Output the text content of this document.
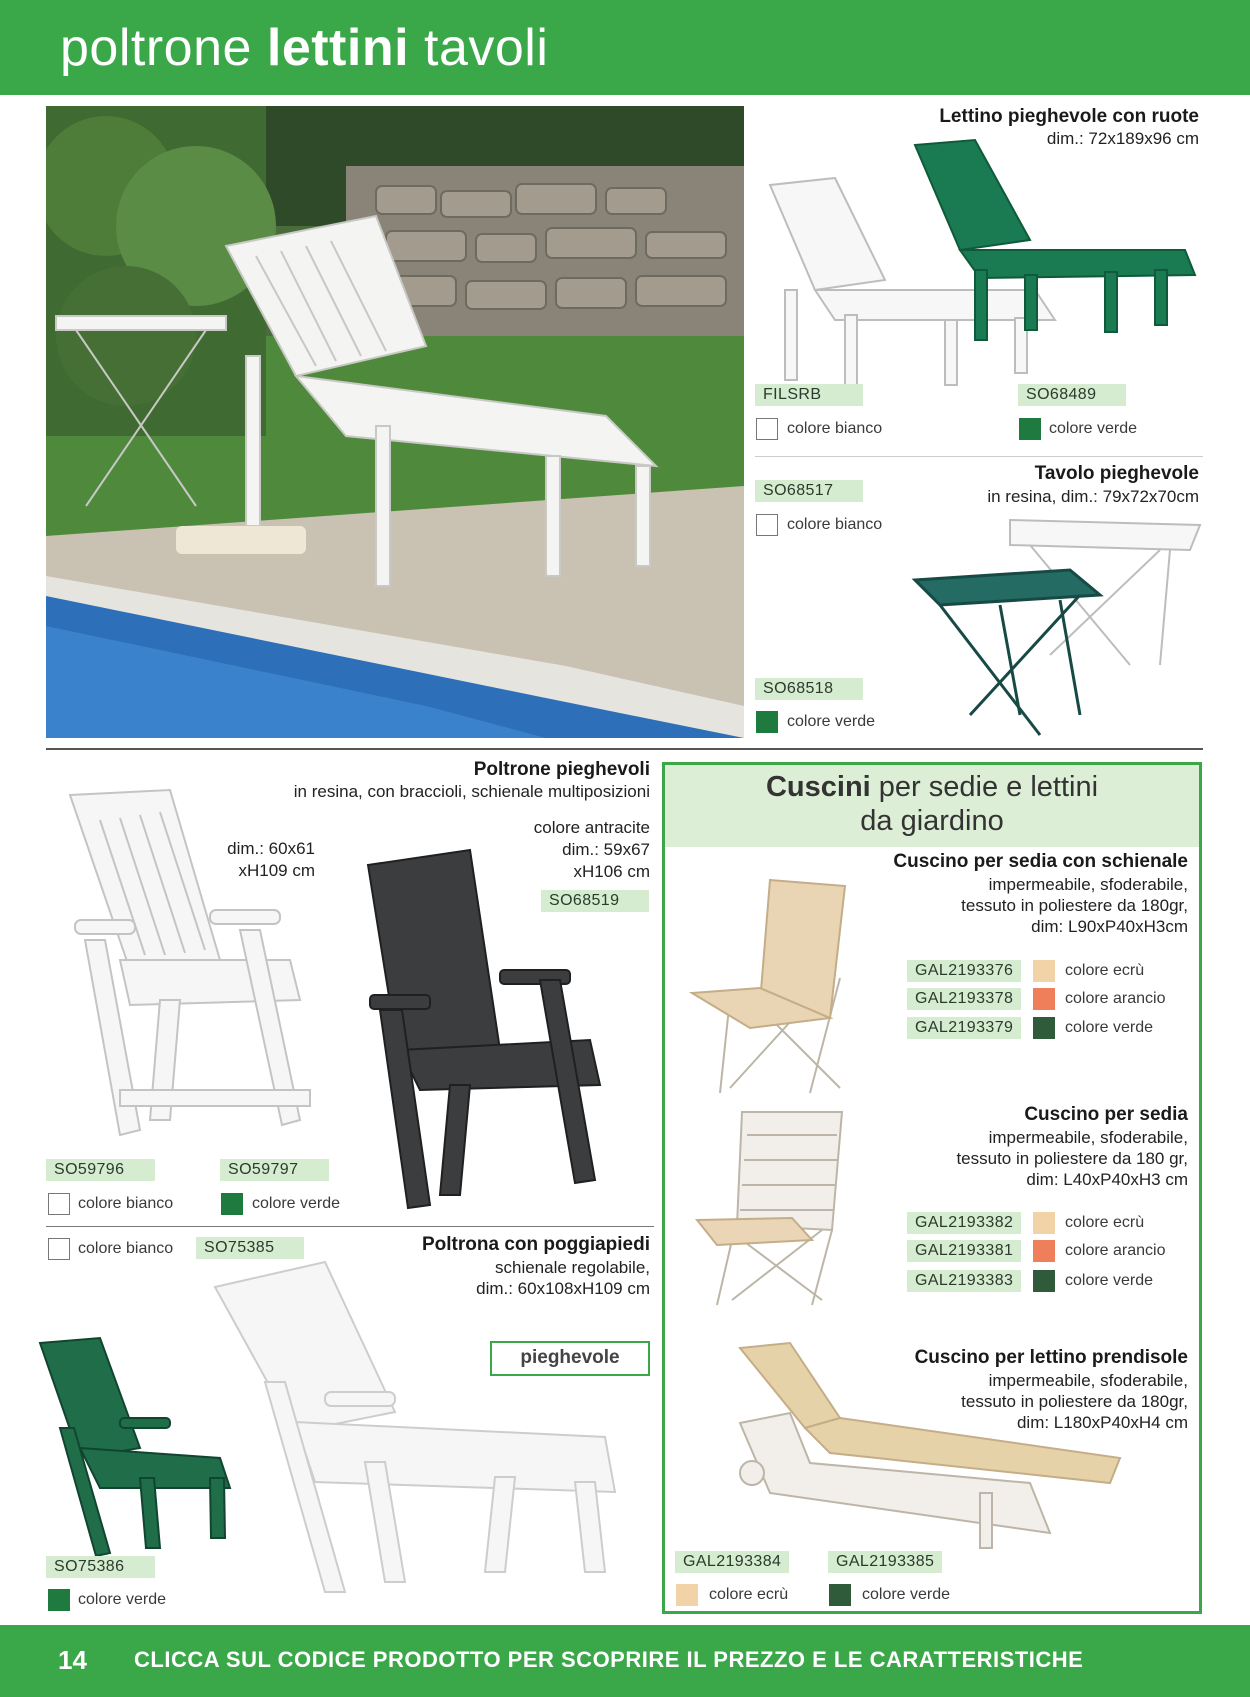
poltrone lettini tavoli
Lettino pieghevole con ruote
dim.: 72x189x96 cm
FILSRB	SO68489
colore bianco	colore verde
Tavolo pieghevole
in resina, dim.: 79x72x70cm
SO68517
colore bianco
SO68518
colore verde
Poltrone pieghevoli
in resina, con braccioli, schienale multiposizioni
dim.: 60x61
xH109 cm
colore antracite
dim.: 59x67
xH106 cm
SO68519
SO59796	SO59797
colore bianco	colore verde
colore bianco	SO75385	Poltrona con poggiapiedi
schienale regolabile,
dim.: 60x108xH109 cm
pieghevole
SO75386
colore verde
Cuscini per sedie e lettini
da giardino
Cuscino per sedia con schienale
impermeabile, sfoderabile,
tessuto in poliestere da 180gr,
dim: L90xP40xH3cm
GAL2193376	colore ecrù
GAL2193378	colore arancio
GAL2193379	colore verde
Cuscino per sedia
impermeabile, sfoderabile,
tessuto in poliestere da 180 gr,
dim: L40xP40xH3 cm
GAL2193382	colore ecrù
GAL2193381	colore arancio
GAL2193383	colore verde
Cuscino per lettino prendisole
impermeabile, sfoderabile,
tessuto in poliestere da 180gr,
dim: L180xP40xH4 cm
GAL2193384	GAL2193385
colore ecrù	colore verde
14 CLICCA SUL CODICE PRODOTTO PER SCOPRIRE IL PREZZO E LE CARATTERISTICHE
